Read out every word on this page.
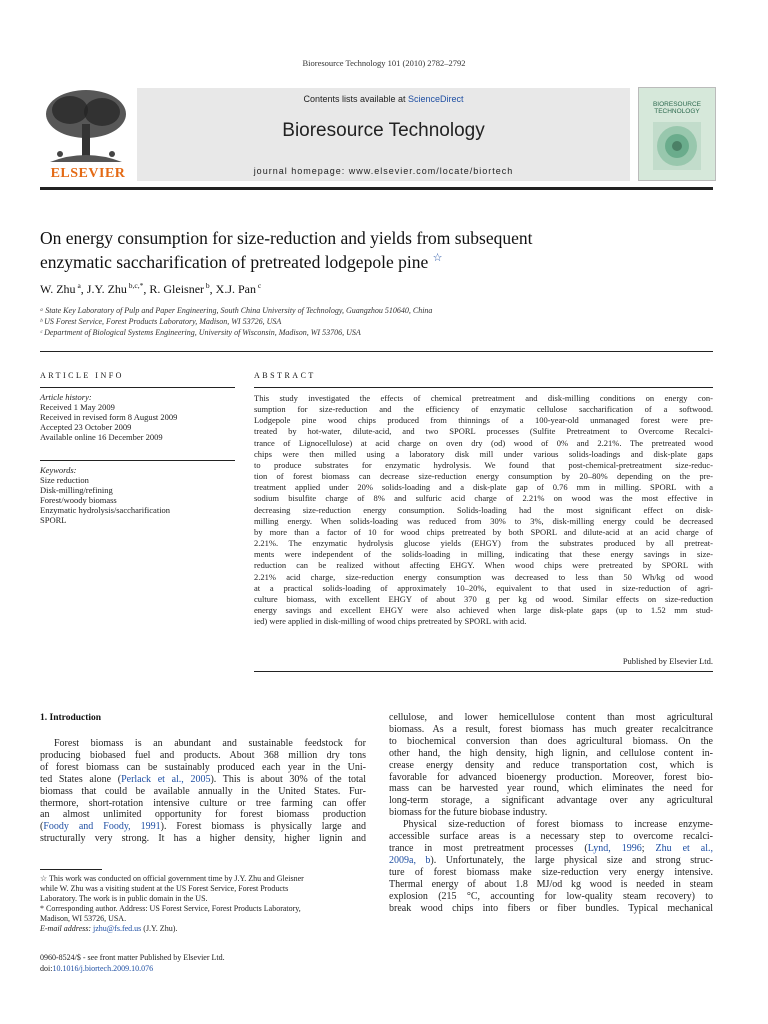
Bioresource Technology 101 (2010) 2782–2792
ELSEVIER
Contents lists available at ScienceDirect
Bioresource Technology
journal homepage: www.elsevier.com/locate/biortech
BIORESOURCE
TECHNOLOGY
On energy consumption for size-reduction and yields from subsequent
enzymatic saccharification of pretreated lodgepole pine ☆
W. Zhu $^a$, J.Y. Zhu $^{b,c,*}$, R. Gleisner $^b$, X.J. Pan $^c$
ᵃ State Key Laboratory of Pulp and Paper Engineering, South China University of Technology, Guangzhou 510640, China
ᵇ US Forest Service, Forest Products Laboratory, Madison, WI 53726, USA
ᶜ Department of Biological Systems Engineering, University of Wisconsin, Madison, WI 53706, USA
ARTICLE INFO	ABSTRACT
Article history:
Received 1 May 2009
Received in revised form 8 August 2009
Accepted 23 October 2009
Available online 16 December 2009
Keywords:
Size reduction
Disk-milling/refining
Forest/woody biomass
Enzymatic hydrolysis/saccharification
SPORL
This study investigated the effects of chemical pretreatment and disk-milling conditions on energy con-
sumption for size-reduction and the efficiency of enzymatic cellulose saccharification of a softwood.
Lodgepole pine wood chips produced from thinnings of a 100-year-old unmanaged forest were pre-
treated by hot-water, dilute-acid, and two SPORL processes (Sulfite Pretreatment to Overcome Recalci-
trance of Lignocellulose) at acid charge on oven dry (od) wood of 0% and 2.21%. The pretreated wood
chips were then milled using a laboratory disk mill under various solids-loadings and disk-plate gaps
to produce substrates for enzymatic hydrolysis. We found that post-chemical-pretreatment size-reduc-
tion of forest biomass can decrease size-reduction energy consumption by 20–80% depending on the pre-
treatment applied under 20% solids-loading and a disk-plate gap of 0.76 mm in milling. SPORL with a
sodium bisulfite charge of 8% and sulfuric acid charge of 2.21% on wood was the most effective in
decreasing size-reduction energy consumption. Solids-loading had the most significant effect on disk-
milling energy. When solids-loading was reduced from 30% to 3%, disk-milling energy could be decreased
by more than a factor of 10 for wood chips pretreated by both SPORL and dilute-acid at an acid charge of
2.21%. The enzymatic hydrolysis glucose yields (EHGY) from the substrates produced by all pretreat-
ments were independent of the solids-loading in milling, indicating that these energy savings in size-
reduction can be realized without affecting EHGY. When wood chips were pretreated by SPORL with
2.21% acid charge, size-reduction energy consumption was decreased to less than 50 Wh/kg od wood
at a practical solids-loading of approximately 10–20%, equivalent to that used in size-reduction of agri-
culture biomass, with excellent EHGY of about 370 g per kg od wood. Similar effects on size-reduction
energy savings and excellent EHGY were also achieved when large disk-plate gaps (up to 1.52 mm stud-
ied) were applied in disk-milling of wood chips pretreated by SPORL with acid.
Published by Elsevier Ltd.
1. Introduction
Forest biomass is an abundant and sustainable feedstock for
producing biobased fuel and products. About 368 million dry tons
of forest biomass can be sustainably produced each year in the Uni-
ted States alone (Perlack et al., 2005). This is about 30% of the total
biomass that could be available annually in the United States. Fur-
thermore, short-rotation intensive culture or tree farming can offer
an almost unlimited opportunity for forest biomass production
(Foody and Foody, 1991). Forest biomass is physically large and
structurally very strong. It has a higher density, higher lignin and
cellulose, and lower hemicellulose content than most agricultural
biomass. As a result, forest biomass has much greater recalcitrance
to biochemical conversion than does agricultural biomass. On the
other hand, the high density, high lignin, and cellulose content in-
crease energy density and reduce transportation cost, which is
favorable for advanced bioenergy production. Moreover, forest bio-
mass can be harvested year round, which eliminates the need for
long-term storage, a significant advantage over any agricultural
biomass for the future biobase industry.
Physical size-reduction of forest biomass to increase enzyme-
accessible surface areas is a necessary step to overcome recalci-
trance in most pretreatment processes (Lynd, 1996; Zhu et al.,
2009a, b). Unfortunately, the large physical size and strong struc-
ture of forest biomass make size-reduction very energy intensive.
Thermal energy of about 1.8 MJ/od kg wood is needed in steam
explosion (215 °C, accounting for low-quality steam recovery) to
break wood chips into fibers or fiber bundles. Typical mechanical
☆ This work was conducted on official government time by J.Y. Zhu and Gleisner
while W. Zhu was a visiting student at the US Forest Service, Forest Products
Laboratory. The work is in public domain in the US.
* Corresponding author. Address: US Forest Service, Forest Products Laboratory,
Madison, WI 53726, USA.
E-mail address: jzhu@fs.fed.us (J.Y. Zhu).
0960-8524/$ - see front matter Published by Elsevier Ltd.
doi:10.1016/j.biortech.2009.10.076
